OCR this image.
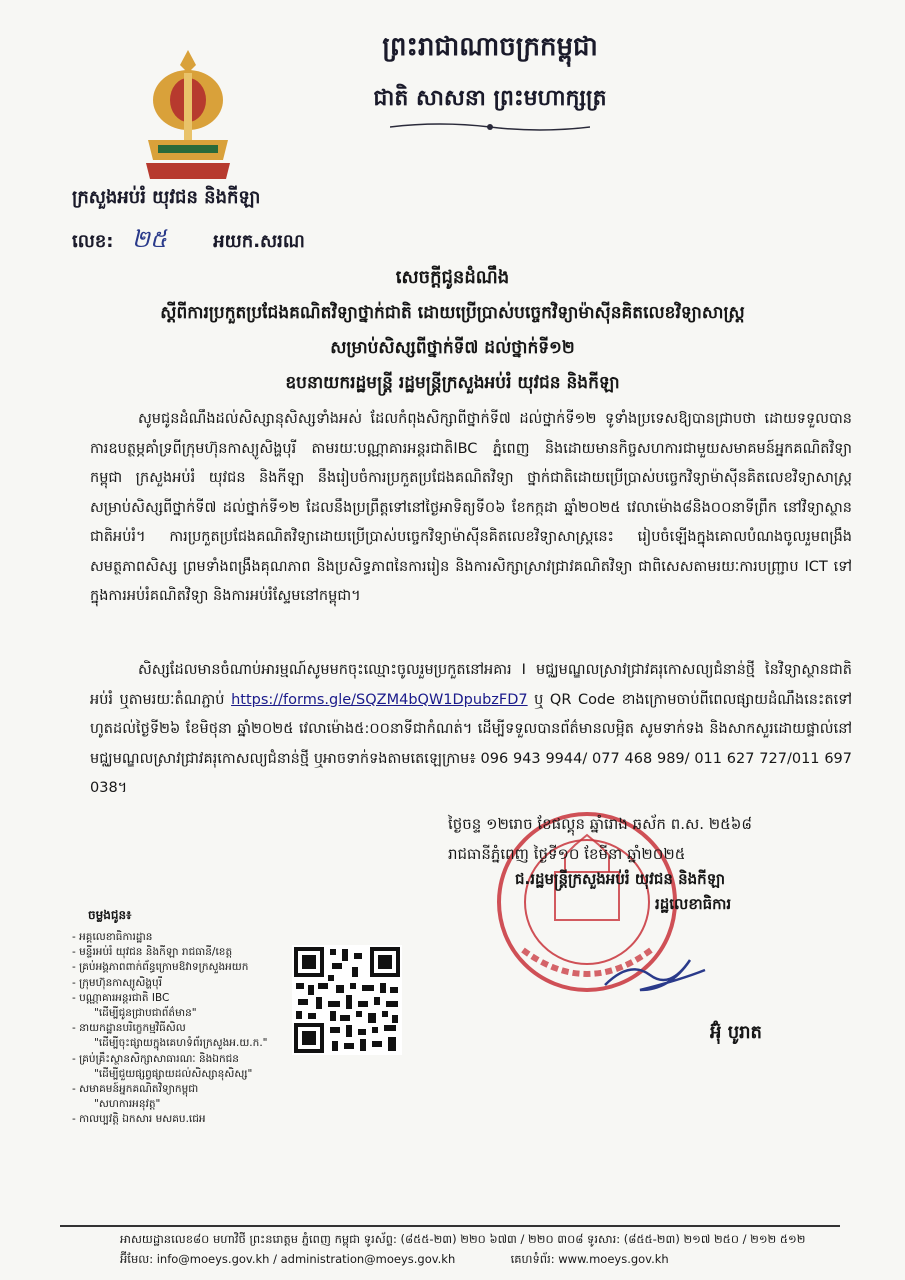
ព្រះរាជាណាចក្រកម្ពុជា
ជាតិ សាសនា ព្រះមហាក្សត្រ
ក្រសួងអប់រំ យុវជន និងកីឡា
លេខ: ២៥	អយក.សរណ
សេចក្ដីជូនដំណឹង
ស្ដីពីការប្រកួតប្រជែងគណិតវិទ្យាថ្នាក់ជាតិ ដោយប្រើប្រាស់បច្ចេកវិទ្យាម៉ាស៊ីនគិតលេខវិទ្យាសាស្ត្រ
សម្រាប់សិស្សពីថ្នាក់ទី៧ ដល់ថ្នាក់ទី១២
ឧបនាយករដ្ឋមន្ត្រី រដ្ឋមន្ត្រីក្រសួងអប់រំ យុវជន និងកីឡា
សូមជូនដំណឹងដល់សិស្សានុសិស្សទាំងអស់ ដែលកំពុងសិក្សាពីថ្នាក់ទី៧ ដល់ថ្នាក់ទី១២ ទូទាំងប្រទេសឱ្យបានជ្រាបថា ដោយទទួលបានការឧបត្ថម្ភគាំទ្រពីក្រុមហ៊ុនកាស្យូសិង្ហបុរី តាមរយៈបណ្ណាគារអន្តរជាតិIBC ភ្នំពេញ និងដោយមានកិច្ចសហការជាមួយសមាគមន៍អ្នកគណិតវិទ្យាកម្ពុជា ក្រសួងអប់រំ យុវជន និងកីឡា នឹងរៀបចំការប្រកួតប្រជែងគណិតវិទ្យា ថ្នាក់ជាតិដោយប្រើប្រាស់បច្ចេកវិទ្យាម៉ាស៊ីនគិតលេខវិទ្យាសាស្ត្រ សម្រាប់សិស្សពីថ្នាក់ទី៧ ដល់ថ្នាក់ទី១២ ដែលនឹងប្រព្រឹត្តទៅនៅថ្ងៃអាទិត្យទី០៦ ខែកក្កដា ឆ្នាំ២០២៥ វេលាម៉ោង៨និង០០នាទីព្រឹក នៅវិទ្យាស្ថានជាតិអប់រំ។ ការប្រកួតប្រជែងគណិតវិទ្យាដោយប្រើប្រាស់បច្ចេកវិទ្យាម៉ាស៊ីនគិតលេខវិទ្យាសាស្ត្រនេះ រៀបចំឡើងក្នុងគោលបំណងចូលរួមពង្រឹងសមត្ថភាពសិស្ស ព្រមទាំងពង្រឹងគុណភាព និងប្រសិទ្ធភាពនៃការរៀន និងការសិក្សាស្រាវជ្រាវគណិតវិទ្យា ជាពិសេសតាមរយៈការបញ្ជ្រាប ICT ទៅក្នុងការអប់រំគណិតវិទ្យា និងការអប់រំស្ទែមនៅកម្ពុជា។
សិស្សដែលមានចំណាប់អារម្មណ៍សូមមកចុះឈ្មោះចូលរួមប្រកួតនៅអគារ I មជ្ឈមណ្ឌលស្រាវជ្រាវគរុកោសល្យជំនាន់ថ្មី នៃវិទ្យាស្ថានជាតិអប់រំ ឬតាមរយៈតំណភ្ជាប់ https://forms.gle/SQZM4bQW1DpubzFD7 ឬ QR Code ខាងក្រោមចាប់ពីពេលផ្សាយដំណឹងនេះតទៅ ហូតដល់ថ្ងៃទី២៦ ខែមិថុនា ឆ្នាំ២០២៥ វេលាម៉ោង៥:០០នាទីជាកំណត់។ ដើម្បីទទួលបានព័ត៌មានលម្អិត សូមទាក់ទង និងសាកសួរដោយផ្ទាល់នៅមជ្ឈមណ្ឌលស្រាវជ្រាវគរុកោសល្យជំនាន់ថ្មី ឬអាចទាក់ទងតាមតេឡេក្រាម៖ 096 943 9944/ 077 468 989/ 011 627 727/011 697 038។
ថ្ងៃចន្ទ ១២រោច ខែផល្គុន ឆ្នាំរោង ឆស័ក ព.ស. ២៥៦៨
រាជធានីភ្នំពេញ ថ្ងៃទី១០ ខែមីនា ឆ្នាំ២០២៥
ជ.រដ្ឋមន្ត្រីក្រសួងអប់រំ យុវជន និងកីឡា
រដ្ឋលេខាធិការ
អ៊ុំ បូរាត
ចម្លងជូន៖
- អគ្គលេខាធិការដ្ឋាន
- មន្ទីរអប់រំ យុវជន និងកីឡា រាជធានី/ខេត្ត
- គ្រប់អង្គភាពពាក់ព័ន្ធក្រោមឱវាទក្រសួងអយក
- ក្រុមហ៊ុនកាស្យូសិង្ហបុរី
- បណ្ណាគារអន្តរជាតិ IBC
"ដើម្បីជូនជ្រាបជាព័ត៌មាន"
- នាយកដ្ឋានបរិក្ខេកម្មវិធីសិល
"ដើម្បីចុះផ្សាយក្នុងគេហទំព័រក្រសួងអ.យ.ក."
- គ្រប់គ្រឹះស្ថានសិក្សាសាធារណៈ និងឯកជន
"ដើម្បីជួយផ្សព្វផ្សាយដល់សិស្សានុសិស្ស"
- សមាគមន៍អ្នកគណិតវិទ្យាកម្ពុជា
"សហការអនុវត្ត"
- កាលប្បវត្តិ ឯកសារ មសគប.ជេអ
អាសយដ្ឋានលេខ៨០ មហាវិថី ព្រះនរោត្តម ភ្នំពេញ កម្ពុជា ទូរស័ព្ទ: (៨៥៥-២៣) ២២០ ៦៧៣ / ២២០ ៣០៨ ទូរសារ: (៨៥៥-២៣) ២១៧ ២៥០ / ២១២ ៥១២
អ៊ីមែល: info@moeys.gov.kh / administration@moeys.gov.kh	គេហទំព័រ: www.moeys.gov.kh
